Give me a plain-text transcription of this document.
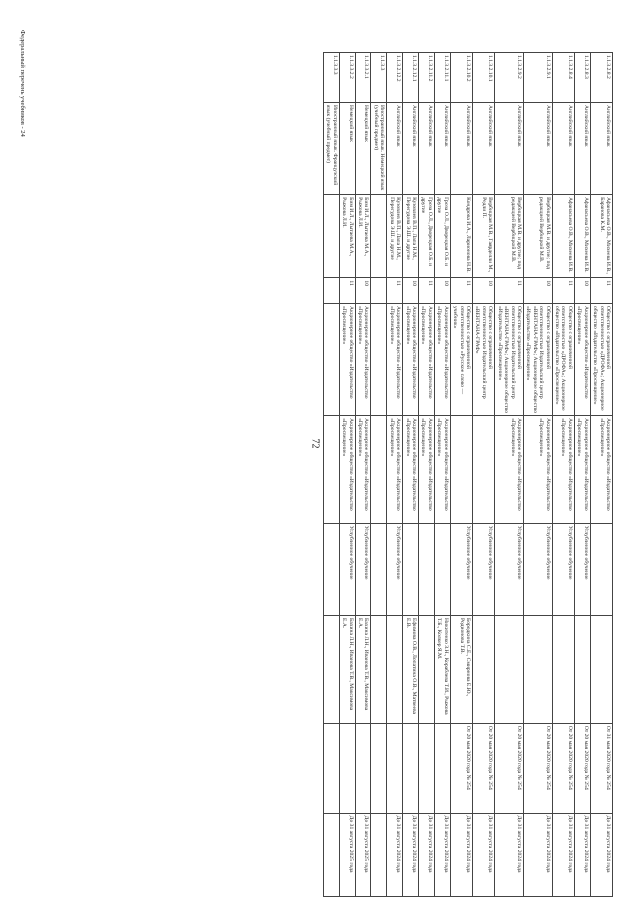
Федеральный перечень учебников - 24
72
1.1.3.2.8.2	Английский язык	Афанасьева О.В., Михеева И.В., Баранова К.М.	11	Общество с ограниченной ответственностью «ДРОФА»; Акционерное общество «Издательство «Просвещение»	Акционерное общество «Издательство «Просвещение»			От 31 мая 2020 года № 254	До 31 августа 2024 года
1.1.3.2.8.3	Английский язык	Афанасьева О.В., Михеева И.В.	10	Акционерное общество «Издательство «Просвещение»	Акционерное общество «Издательство «Просвещение»	Углубленное обучение		От 20 мая 2020 года № 254	До 31 августа 2024 года
1.1.3.2.8.4	Английский язык	Афанасьева О.В., Михеева И.В.	11	Общество с ограниченной ответственностью «ДРОФА»; Акционерное общество «Издательство «Просвещение»	Акционерное общество «Издательство «Просвещение»	Углубленное обучение		От 20 мая 2020 года № 254	До 31 августа 2024 года
1.1.3.2.9.1	Английский язык	Вербицкая М.В. и другие; под редакцией Вербицкой М.В.	10	Общество с ограниченной ответственностью Издательский центр «ВЕНТАНА-ГРАФ»; Акционерное общество «Издательство «Просвещение»	Акционерное общество «Издательство «Просвещение»	Углубленное обучение		От 20 мая 2020 года № 254	До 31 августа 2024 года
1.1.3.2.9.2	Английский язык	Вербицкая М.В. и другие; под редакцией Вербицкой М.В.	11	Общество с ограниченной ответственностью Издательский центр «ВЕНТАНА-ГРАФ»; Акционерное общество «Издательство «Просвещение»	Акционерное общество «Издательство «Просвещение»	Углубленное обучение		От 20 мая 2020 года № 254	До 31 августа 2024 года
1.1.3.2.10.1	Английский язык	Вербицкая М.В., Гаярделли М., Редли П.	10	Общество с ограниченной ответственностью Издательский центр «ВЕНТАНА-ГРАФ»		Углубленное обучение		От 20 мая 2020 года № 254	До 31 августа 2024 года
1.1.3.2.10.2	Английский язык	Кондрова И.А., Ларионова Н.В.	11	Общество с ограниченной ответственностью «Русское слово — учебник»		Углубленное обучение	Бородкина С.Е., Смирнова Е.Ю., Родионова Т.В.	От 20 мая 2020 года № 254	До 31 августа 2024 года
1.1.3.2.11.1	Английский язык	Гроза О.Л., Дворецкая О.Б. и другие	10	Акционерное общество «Издательство «Просвещение»	Акционерное общество «Издательство «Просвещение»		Никитенко З.Н., Кораблева Т.И., Рыжова Т.Б., Колкер Я.М.		До 31 августа 2024 года
1.1.3.2.11.2	Английский язык	Гроза О.Л., Дворецкая О.Б. и другие	11	Акционерное общество «Издательство «Просвещение»	Акционерное общество «Издательство «Просвещение»				До 31 августа 2024 года
1.1.3.2.12.1	Английский язык	Кузовлев В.П., Лапа Н.М., Перегудова Э.Ш. и другие	10	Акционерное общество «Издательство «Просвещение»	Акционерное общество «Издательство «Просвещение»		Ефимова О.В., Лопатина О.В., Матвеева Е.В.		До 31 августа 2024 года
1.1.3.2.12.2	Английский язык	Кузовлев В.П., Лапа Н.М., Перегудова Э.Ш. и другие	11	Акционерное общество «Издательство «Просвещение»	Акционерное общество «Издательство «Просвещение»	Углубленное обучение			До 31 августа 2024 года
1.1.3.3	Иностранный язык. Немецкий язык (учебный предмет)								
1.1.3.3.2.1	Немецкий язык	Бим И.Л., Лытаева М.А., Рыжова Л.И.	10	Акционерное общество «Издательство «Просвещение»	Акционерное общество «Издательство «Просвещение»	Углубленное обучение	Бахина Л.Н., Иванова Т.В., Максимова Е.А.		До 31 августа 2025 года
1.1.3.3.2.2	Немецкий язык	Бим И.Л., Лытаева М.А., Рыжова Л.И.	11	Акционерное общество «Издательство «Просвещение»	Акционерное общество «Издательство «Просвещение»	Углубленное обучение	Бахина Л.Н., Иванова Т.В., Максимова Е.А.		До 31 августа 2025 года
1.1.3.3.3	Иностранный язык. Французский язык (учебный предмет)								
